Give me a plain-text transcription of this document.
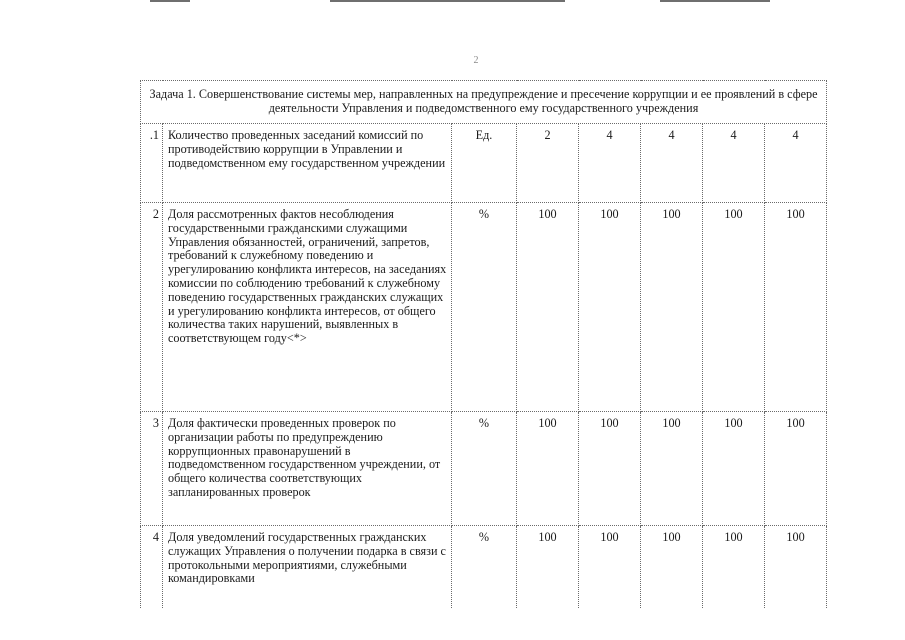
2
Задача 1. Совершенствование системы мер, направленных на предупреждение и пресечение коррупции и ее проявлений в сфере деятельности Управления и подведомственного ему государственного учреждения							
.1	Количество проведенных заседаний комиссий по противодействию коррупции в Управлении и подведомственном ему государственном учреждении	Ед.	2	4	4	4	4
2	Доля рассмотренных фактов несоблюдения государственными гражданскими служащими Управления обязанностей, ограничений, запретов, требований к служебному поведению и урегулированию конфликта интересов, на заседаниях комиссии по соблюдению требований к служебному поведению государственных гражданских служащих и урегулированию конфликта интересов, от общего количества таких нарушений, выявленных в соответствующем году<*>	%	100	100	100	100	100
3	Доля фактически проведенных проверок по организации работы по предупреждению коррупционных правонарушений в подведомственном государственном учреждении, от общего количества соответствующих запланированных проверок	%	100	100	100	100	100
4	Доля уведомлений государственных гражданских служащих Управления о получении подарка в связи с протокольными мероприятиями, служебными командировками	%	100	100	100	100	100
